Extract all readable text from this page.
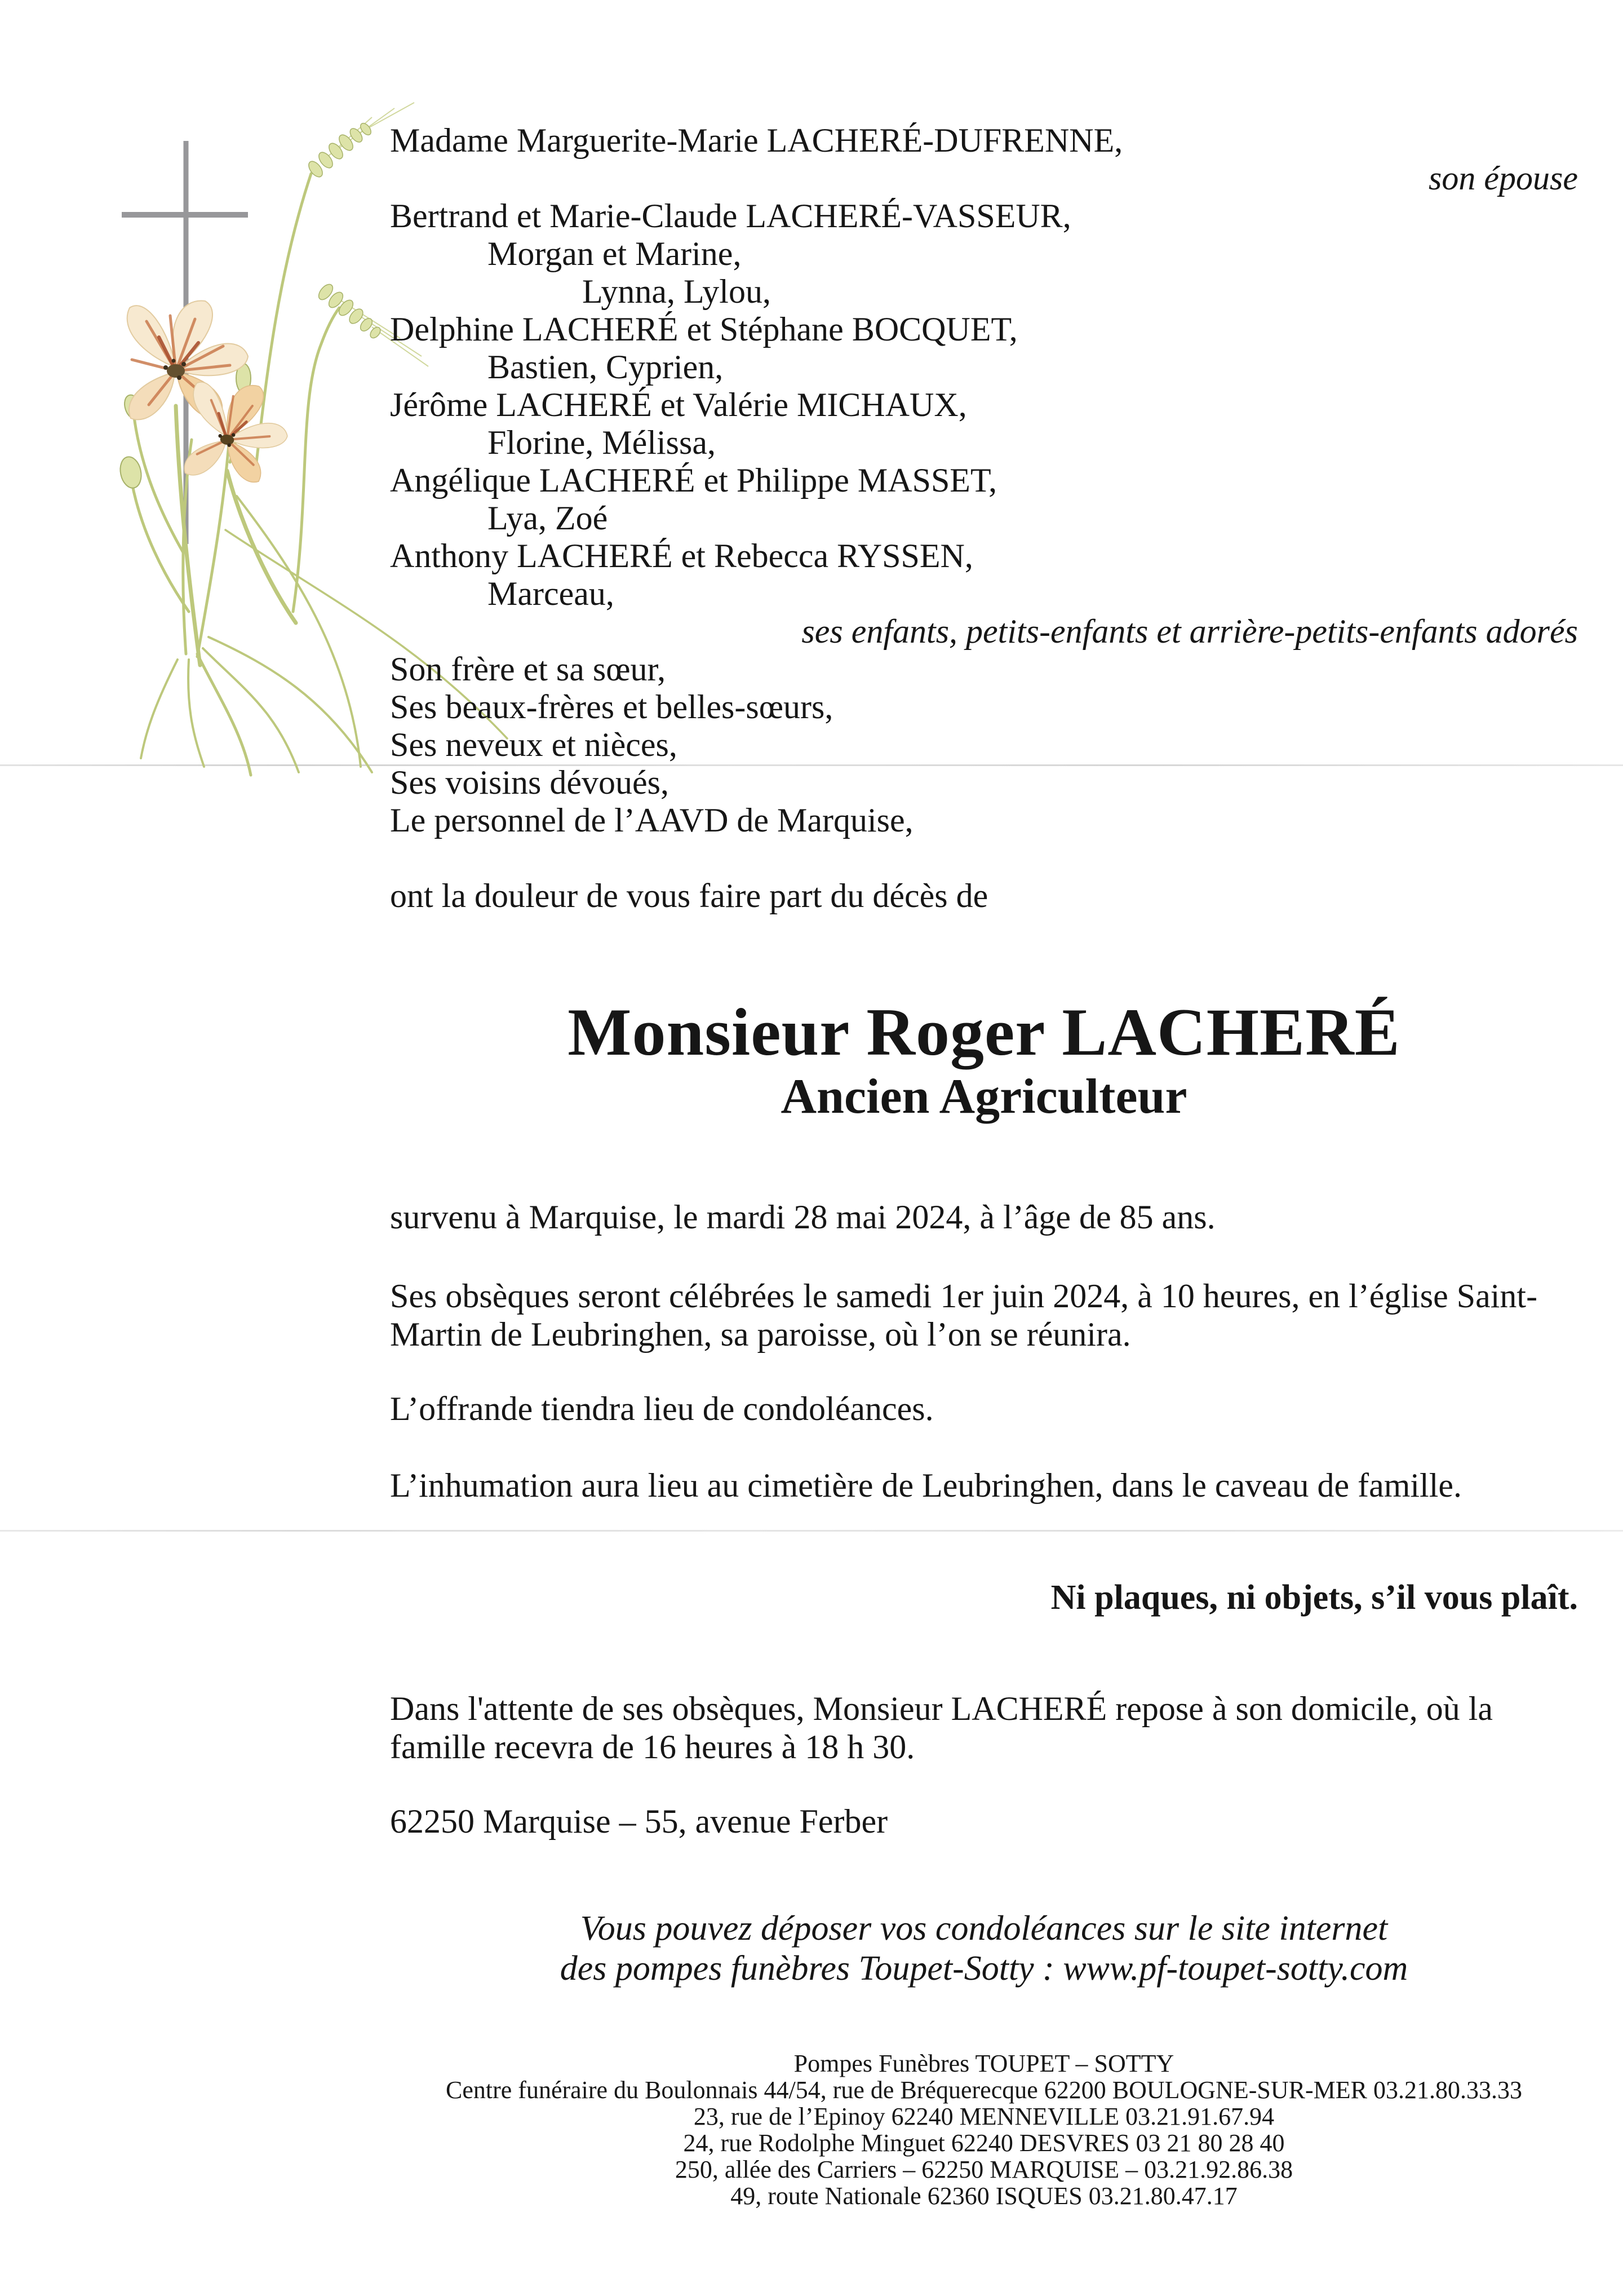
Madame Marguerite-Marie LACHERÉ-DUFRENNE,
son épouse
Bertrand et Marie-Claude LACHERÉ-VASSEUR,
Morgan et Marine,
Lynna, Lylou,
Delphine LACHERÉ et Stéphane BOCQUET,
Bastien, Cyprien,
Jérôme LACHERÉ et Valérie MICHAUX,
Florine, Mélissa,
Angélique LACHERÉ et Philippe MASSET,
Lya, Zoé
Anthony LACHERÉ et Rebecca RYSSEN,
Marceau,
ses enfants, petits-enfants et arrière-petits-enfants adorés
Son frère et sa sœur,
Ses beaux-frères et belles-sœurs,
Ses neveux et nièces,
Ses voisins dévoués,
Le personnel de l’AAVD de Marquise,
ont la douleur de vous faire part du décès de
Monsieur Roger LACHERÉ
Ancien Agriculteur
survenu à Marquise, le mardi 28 mai 2024, à l’âge de 85 ans.
Ses obsèques seront célébrées le samedi 1er juin 2024, à 10 heures, en l’église Saint-
Martin de Leubringhen, sa paroisse, où l’on se réunira.
L’offrande tiendra lieu de condoléances.
L’inhumation aura lieu au cimetière de Leubringhen, dans le caveau de famille.
Ni plaques, ni objets, s’il vous plaît.
Dans l'attente de ses obsèques, Monsieur LACHERÉ repose à son domicile, où la
famille recevra de 16 heures à 18 h 30.
62250 Marquise – 55, avenue Ferber
Vous pouvez déposer vos condoléances sur le site internet
des pompes funèbres Toupet-Sotty : www.pf-toupet-sotty.com
Pompes Funèbres TOUPET – SOTTY
Centre funéraire du Boulonnais 44/54, rue de Bréquerecque 62200 BOULOGNE-SUR-MER 03.21.80.33.33
23, rue de l’Epinoy 62240 MENNEVILLE 03.21.91.67.94
24, rue Rodolphe Minguet 62240 DESVRES 03 21 80 28 40
250, allée des Carriers – 62250 MARQUISE – 03.21.92.86.38
49, route Nationale 62360 ISQUES 03.21.80.47.17
